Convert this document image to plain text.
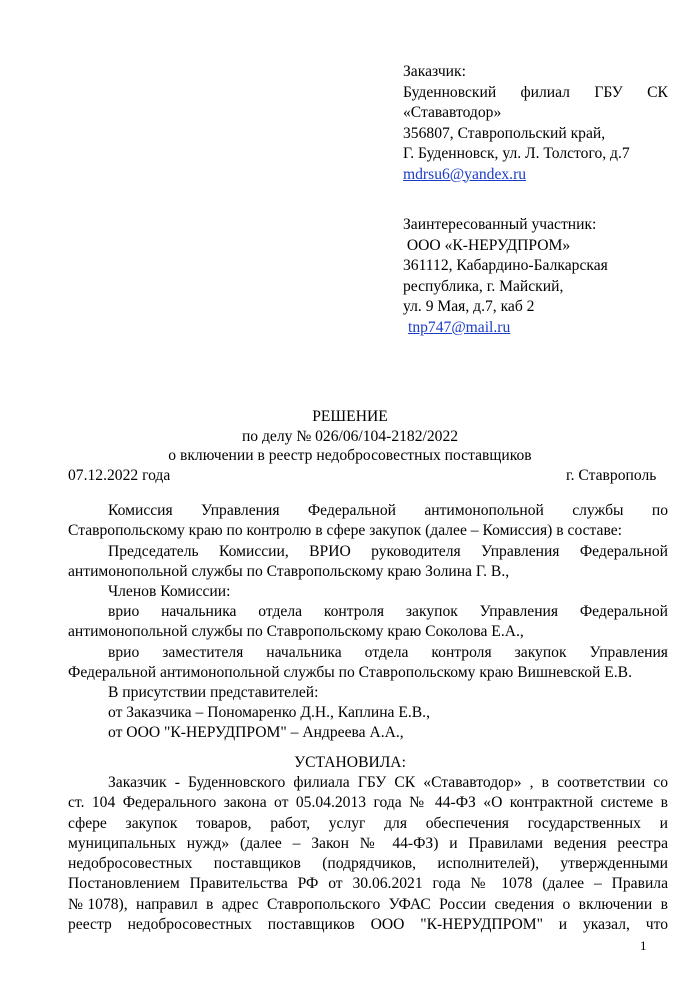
Заказчик:
Буденновский филиал ГБУ СК
«Стававтодор»
356807, Ставропольский край,
Г. Буденновск, ул. Л. Толстого, д.7
mdrsu6@yandex.ru
Заинтересованный участник:
ООО «К-НЕРУДПРОМ»
361112, Кабардино-Балкарская
республика, г. Майский,
ул. 9 Мая, д.7, каб 2
tnp747@mail.ru
РЕШЕНИЕ
по делу № 026/06/104-2182/2022
о включении в реестр недобросовестных поставщиков
07.12.2022 года	г. Ставрополь
Комиссия Управления Федеральной антимонопольной службы по
Ставропольскому краю по контролю в сфере закупок (далее – Комиссия) в составе:
Председатель Комиссии, ВРИО руководителя Управления Федеральной
антимонопольной службы по Ставропольскому краю Золина Г. В.,
Членов Комиссии:
врио начальника отдела контроля закупок Управления Федеральной
антимонопольной службы по Ставропольскому краю Соколова Е.А.,
врио заместителя начальника отдела контроля закупок Управления
Федеральной антимонопольной службы по Ставропольскому краю Вишневской Е.В.
В присутствии представителей:
от Заказчика – Пономаренко Д.Н., Каплина Е.В.,
от ООО "К-НЕРУДПРОМ" – Андреева А.А.,
УСТАНОВИЛА:
Заказчик - Буденновского филиала ГБУ СК «Стававтодор» , в соответствии со
ст. 104 Федерального закона от 05.04.2013 года № 44-ФЗ «О контрактной системе в
сфере закупок товаров, работ, услуг для обеспечения государственных и
муниципальных нужд» (далее – Закон № 44-ФЗ) и Правилами ведения реестра
недобросовестных поставщиков (подрядчиков, исполнителей), утвержденными
Постановлением Правительства РФ от 30.06.2021 года № 1078 (далее – Правила
№1078), направил в адрес Ставропольского УФАС России сведения о включении в
реестр недобросовестных поставщиков ООО "К-НЕРУДПРОМ" и указал, что
1
